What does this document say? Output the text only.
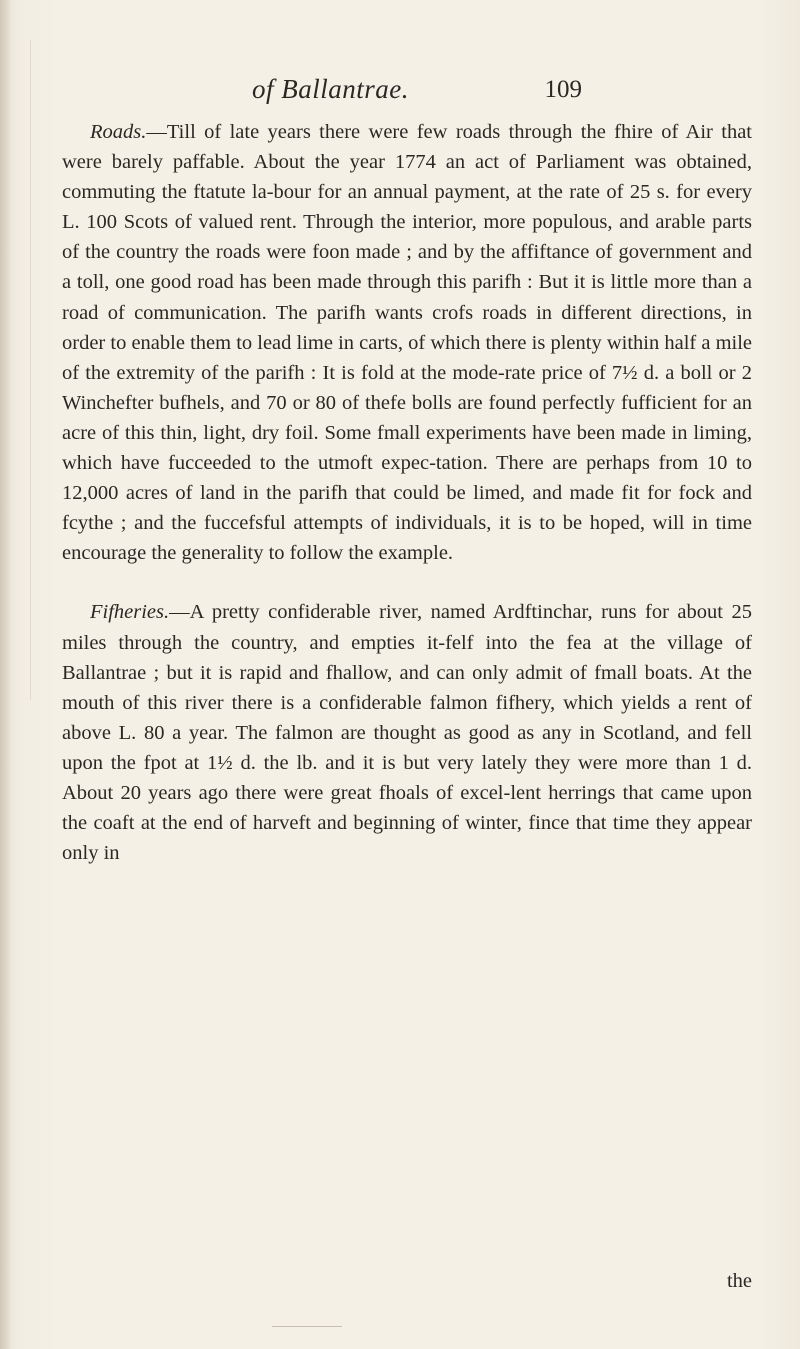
of Ballantrae.	109

Roads.—Till of late years there were few roads through the fhire of Air that were barely paffable. About the year 1774 an act of Parliament was obtained, commuting the ftatute la-bour for an annual payment, at the rate of 25 s. for every L. 100 Scots of valued rent. Through the interior, more populous, and arable parts of the country the roads were foon made ; and by the affiftance of government and a toll, one good road has been made through this parifh : But it is little more than a road of communication. The parifh wants crofs roads in different directions, in order to enable them to lead lime in carts, of which there is plenty within half a mile of the extremity of the parifh : It is fold at the mode-rate price of 7½ d. a boll or 2 Winchefter bufhels, and 70 or 80 of thefe bolls are found perfectly fufficient for an acre of this thin, light, dry foil. Some fmall experiments have been made in liming, which have fucceeded to the utmoft expec-tation. There are perhaps from 10 to 12,000 acres of land in the parifh that could be limed, and made fit for fock and fcythe ; and the fuccefsful attempts of individuals, it is to be hoped, will in time encourage the generality to follow the example.

Fifheries.—A pretty confiderable river, named Ardftinchar, runs for about 25 miles through the country, and empties it-felf into the fea at the village of Ballantrae ; but it is rapid and fhallow, and can only admit of fmall boats. At the mouth of this river there is a confiderable falmon fifhery, which yields a rent of above L. 80 a year. The falmon are thought as good as any in Scotland, and fell upon the fpot at 1½ d. the lb. and it is but very lately they were more than 1 d. About 20 years ago there were great fhoals of excel-lent herrings that came upon the coaft at the end of harveft and beginning of winter, fince that time they appear only in

the
